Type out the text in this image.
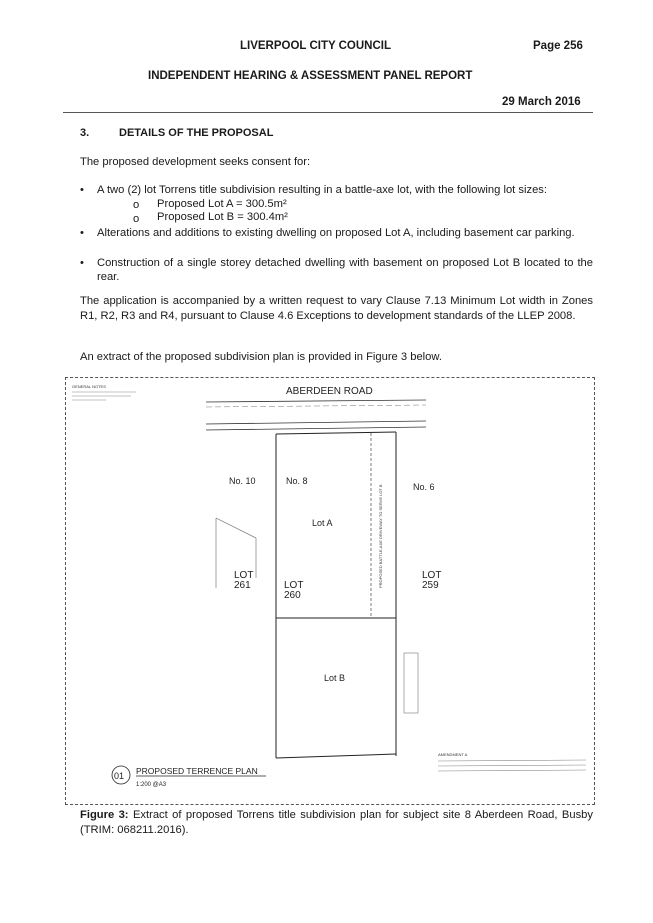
LIVERPOOL CITY COUNCIL	Page 256
INDEPENDENT HEARING & ASSESSMENT PANEL REPORT
29 March 2016
3.	DETAILS OF THE PROPOSAL
The proposed development seeks consent for:
• A two (2) lot Torrens title subdivision resulting in a battle-axe lot, with the following lot sizes:
o Proposed Lot A = 300.5m²
o Proposed Lot B = 300.4m²
• Alterations and additions to existing dwelling on proposed Lot A, including basement car parking.
• Construction of a single storey detached dwelling with basement on proposed Lot B located to the rear.
The application is accompanied by a written request to vary Clause 7.13 Minimum Lot width in Zones R1, R2, R3 and R4, pursuant to Clause 4.6 Exceptions to development standards of the LLEP 2008.
An extract of the proposed subdivision plan is provided in Figure 3 below.
GENERAL NOTES	ABERDEEN ROAD
PROPOSED BATTLE-AXE DRIVEWAY TO SERVE LOT B
No. 10	No. 8
No. 6
Lot A
Lot B
LOT
261	LOT
260
LOT
259
01 PROPOSED TERRENCE PLAN
1:200 @A3
AMENDMENT A
Figure 3: Extract of proposed Torrens title subdivision plan for subject site 8 Aberdeen Road, Busby (TRIM: 068211.2016).
